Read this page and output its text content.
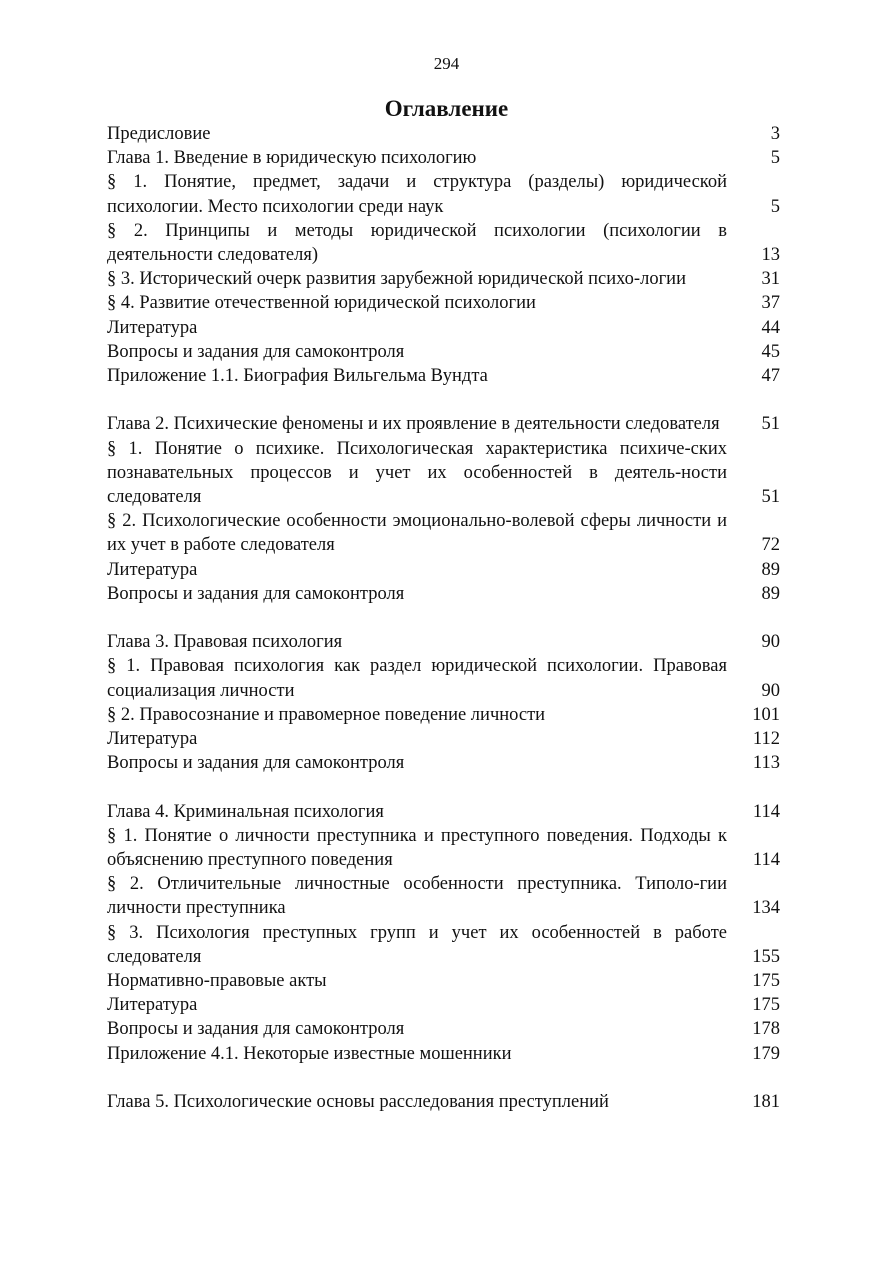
294
Оглавление
Предисловие	3
Глава 1. Введение в юридическую психологию	5
§ 1. Понятие, предмет, задачи и структура (разделы) юридической психологии. Место психологии среди наук	5
§ 2. Принципы и методы юридической психологии (психологии в деятельности следователя)	13
§ 3. Исторический очерк развития зарубежной юридической психо-логии	31
§ 4. Развитие отечественной юридической психологии	37
Литература	44
Вопросы и задания для самоконтроля	45
Приложение 1.1. Биография Вильгельма Вундта	47
Глава 2. Психические феномены и их проявление в деятельности следователя	51
§ 1. Понятие о психике. Психологическая характеристика психиче-ских познавательных процессов и учет их особенностей в деятель-ности следователя	51
§ 2. Психологические особенности эмоционально-волевой сферы личности и их учет в работе следователя	72
Литература	89
Вопросы и задания для самоконтроля	89
Глава 3. Правовая психология	90
§ 1. Правовая психология как раздел юридической психологии. Правовая социализация личности	90
§ 2. Правосознание и правомерное поведение личности	101
Литература	112
Вопросы и задания для самоконтроля	113
Глава 4. Криминальная психология	114
§ 1. Понятие о личности преступника и преступного поведения. Подходы к объяснению преступного поведения	114
§ 2. Отличительные личностные особенности преступника. Типоло-гии личности преступника	134
§ 3. Психология преступных групп и учет их особенностей в работе следователя	155
Нормативно-правовые акты	175
Литература	175
Вопросы и задания для самоконтроля	178
Приложение 4.1. Некоторые известные мошенники	179
Глава 5. Психологические основы расследования преступлений	181
